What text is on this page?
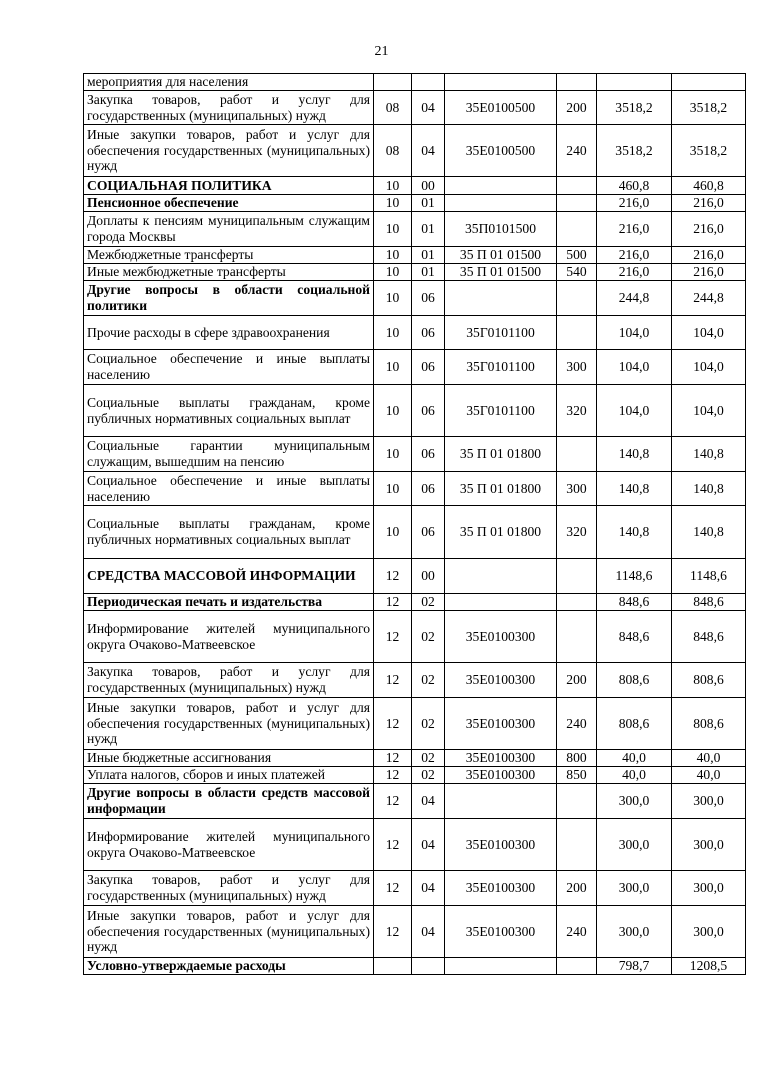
21
мероприятия для населения						
Закупка товаров, работ и услуг для государственных (муниципальных) нужд	08	04	35Е0100500	200	3518,2	3518,2
Иные закупки товаров, работ и услуг для обеспечения государственных (муниципальных) нужд	08	04	35Е0100500	240	3518,2	3518,2
СОЦИАЛЬНАЯ ПОЛИТИКА	10	00			460,8	460,8
Пенсионное обеспечение	10	01			216,0	216,0
Доплаты к пенсиям муниципальным служащим города Москвы	10	01	35П0101500		216,0	216,0
Межбюджетные трансферты	10	01	35 П 01 01500	500	216,0	216,0
Иные межбюджетные трансферты	10	01	35 П 01 01500	540	216,0	216,0
Другие вопросы в области социальной политики	10	06			244,8	244,8
Прочие расходы в сфере здравоохранения	10	06	35Г0101100		104,0	104,0
Социальное обеспечение и иные выплаты населению	10	06	35Г0101100	300	104,0	104,0
Социальные выплаты гражданам, кроме публичных нормативных социальных выплат	10	06	35Г0101100	320	104,0	104,0
Социальные гарантии муниципальным служащим, вышедшим на пенсию	10	06	35 П 01 01800		140,8	140,8
Социальное обеспечение и иные выплаты населению	10	06	35 П 01 01800	300	140,8	140,8
Социальные выплаты гражданам, кроме публичных нормативных социальных выплат	10	06	35 П 01 01800	320	140,8	140,8
СРЕДСТВА МАССОВОЙ ИНФОРМАЦИИ	12	00			1148,6	1148,6
Периодическая печать и издательства	12	02			848,6	848,6
Информирование жителей муниципального округа Очаково-Матвеевское	12	02	35Е0100300		848,6	848,6
Закупка товаров, работ и услуг для государственных (муниципальных) нужд	12	02	35Е0100300	200	808,6	808,6
Иные закупки товаров, работ и услуг для обеспечения государственных (муниципальных) нужд	12	02	35Е0100300	240	808,6	808,6
Иные бюджетные ассигнования	12	02	35Е0100300	800	40,0	40,0
Уплата налогов, сборов и иных платежей	12	02	35Е0100300	850	40,0	40,0
Другие вопросы в области средств массовой информации	12	04			300,0	300,0
Информирование жителей муниципального округа Очаково-Матвеевское	12	04	35Е0100300		300,0	300,0
Закупка товаров, работ и услуг для государственных (муниципальных) нужд	12	04	35Е0100300	200	300,0	300,0
Иные закупки товаров, работ и услуг для обеспечения государственных (муниципальных) нужд	12	04	35Е0100300	240	300,0	300,0
Условно-утверждаемые расходы					798,7	1208,5
